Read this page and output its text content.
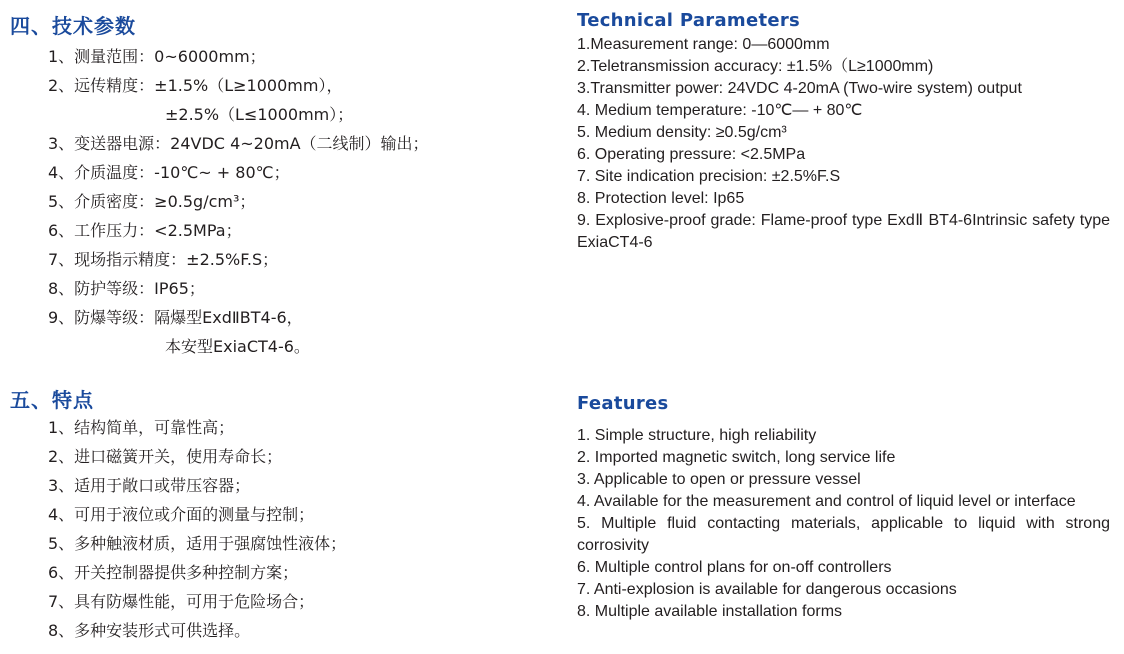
四、技术参数
1、测量范围：0~6000mm；
2、远传精度：±1.5%（L≥1000mm），
±2.5%（L≤1000mm）；
3、变送器电源：24VDC 4~20mA（二线制）输出；
4、介质温度：-10℃~ + 80℃；
5、介质密度：≥0.5g/cm³；
6、工作压力：<2.5MPa；
7、现场指示精度：±2.5%F.S；
8、防护等级：IP65；
9、防爆等级：隔爆型ExdⅡBT4-6，
本安型ExiaCT4-6。
五、特点
1、结构简单，可靠性高；
2、进口磁簧开关，使用寿命长；
3、适用于敞口或带压容器；
4、可用于液位或介面的测量与控制；
5、多种触液材质，适用于强腐蚀性液体；
6、开关控制器提供多种控制方案；
7、具有防爆性能，可用于危险场合；
8、多种安装形式可供选择。
Technical Parameters
1.Measurement range: 0—6000mm
2.Teletransmission accuracy: ±1.5%（L≥1000mm)
3.Transmitter power: 24VDC 4-20mA (Two-wire system) output
4. Medium temperature: -10℃— + 80℃
5. Medium density: ≥0.5g/cm³
6. Operating pressure: <2.5MPa
7. Site indication precision: ±2.5%F.S
8. Protection level: Ip65
9. Explosive-proof grade: Flame-proof type ExdⅡ BT4-6Intrinsic safety type ExiaCT4-6
Features
1. Simple structure, high reliability
2. Imported magnetic switch, long service life
3. Applicable to open or pressure vessel
4. Available for the measurement and control of liquid level or interface
5. Multiple fluid contacting materials, applicable to liquid with strong corrosivity
6. Multiple control plans for on-off controllers
7. Anti-explosion is available for dangerous occasions
8. Multiple available installation forms
